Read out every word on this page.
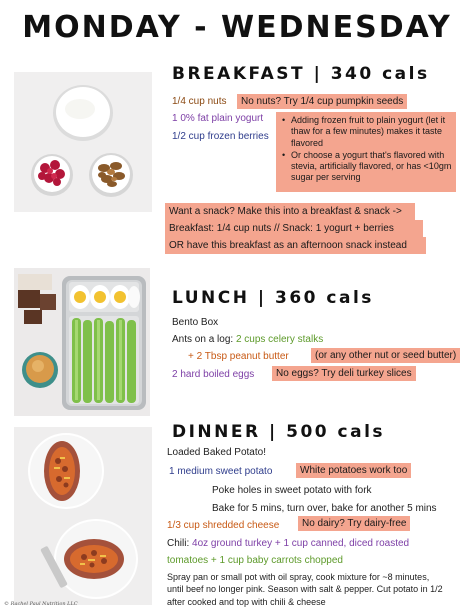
MONDAY - WEDNESDAY
BREAKFAST | 340 cals
1/4 cup nuts	No nuts? Try 1/4 cup pumpkin seeds
1 0% fat plain yogurt
1/2 cup frozen berries
• Adding frozen fruit to plain yogurt (let it thaw for a few minutes) makes it taste flavored
• Or choose a yogurt that's flavored with stevia, artificially flavored, or has <10gm sugar per serving
Want a snack? Make this into a breakfast & snack ->
Breakfast: 1/4 cup nuts // Snack: 1 yogurt + berries
OR have this breakfast as an afternoon snack instead
LUNCH | 360 cals
Bento Box
Ants on a log: 2 cups celery stalks
+ 2 Tbsp peanut butter	(or any other nut or seed butter)
2 hard boiled eggs	No eggs? Try deli turkey slices
DINNER | 500 cals
Loaded Baked Potato!
1 medium sweet potato	White potatoes work too
Poke holes in sweet potato with fork
Bake for 5 mins, turn over, bake for another 5 mins
1/3 cup shredded cheese	No dairy? Try dairy-free
Chili: 4oz ground turkey + 1 cup canned, diced roasted
tomatoes + 1 cup baby carrots chopped
Spray pan or small pot with oil spray, cook mixture for ~8 minutes,
until beef no longer pink. Season with salt & pepper. Cut potato in 1/2
after cooked and top with chili & cheese
© Rachel Paul Nutrition LLC
